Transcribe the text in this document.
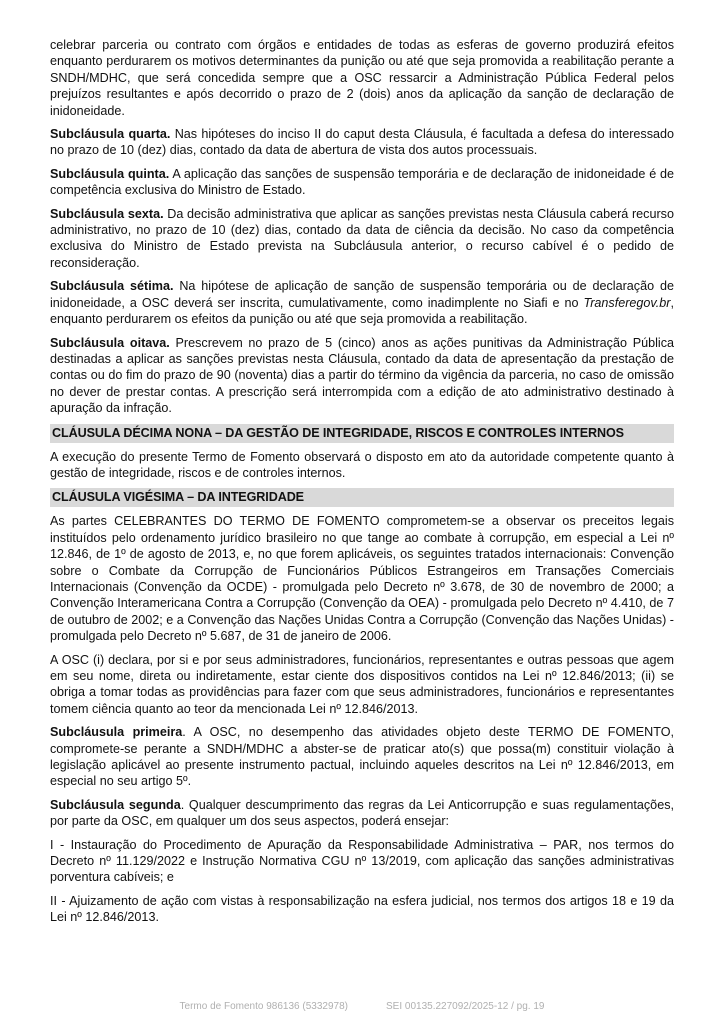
celebrar parceria ou contrato com órgãos e entidades de todas as esferas de governo produzirá efeitos enquanto perdurarem os motivos determinantes da punição ou até que seja promovida a reabilitação perante a SNDH/MDHC, que será concedida sempre que a OSC ressarcir a Administração Pública Federal pelos prejuízos resultantes e após decorrido o prazo de 2 (dois) anos da aplicação da sanção de declaração de inidoneidade.

Subcláusula quarta. Nas hipóteses do inciso II do caput desta Cláusula, é facultada a defesa do interessado no prazo de 10 (dez) dias, contado da data de abertura de vista dos autos processuais.

Subcláusula quinta. A aplicação das sanções de suspensão temporária e de declaração de inidoneidade é de competência exclusiva do Ministro de Estado.

Subcláusula sexta. Da decisão administrativa que aplicar as sanções previstas nesta Cláusula caberá recurso administrativo, no prazo de 10 (dez) dias, contado da data de ciência da decisão. No caso da competência exclusiva do Ministro de Estado prevista na Subcláusula anterior, o recurso cabível é o pedido de reconsideração.

Subcláusula sétima. Na hipótese de aplicação de sanção de suspensão temporária ou de declaração de inidoneidade, a OSC deverá ser inscrita, cumulativamente, como inadimplente no Siafi e no Transferegov.br, enquanto perdurarem os efeitos da punição ou até que seja promovida a reabilitação.

Subcláusula oitava. Prescrevem no prazo de 5 (cinco) anos as ações punitivas da Administração Pública destinadas a aplicar as sanções previstas nesta Cláusula, contado da data de apresentação da prestação de contas ou do fim do prazo de 90 (noventa) dias a partir do término da vigência da parceria, no caso de omissão no dever de prestar contas. A prescrição será interrompida com a edição de ato administrativo destinado à apuração da infração.

CLÁUSULA DÉCIMA NONA – DA GESTÃO DE INTEGRIDADE, RISCOS E CONTROLES INTERNOS

A execução do presente Termo de Fomento observará o disposto em ato da autoridade competente quanto à gestão de integridade, riscos e de controles internos.

CLÁUSULA VIGÉSIMA – DA INTEGRIDADE

As partes CELEBRANTES DO TERMO DE FOMENTO comprometem-se a observar os preceitos legais instituídos pelo ordenamento jurídico brasileiro no que tange ao combate à corrupção, em especial a Lei nº 12.846, de 1º de agosto de 2013, e, no que forem aplicáveis, os seguintes tratados internacionais: Convenção sobre o Combate da Corrupção de Funcionários Públicos Estrangeiros em Transações Comerciais Internacionais (Convenção da OCDE) - promulgada pelo Decreto nº 3.678, de 30 de novembro de 2000; a Convenção Interamericana Contra a Corrupção (Convenção da OEA) - promulgada pelo Decreto nº 4.410, de 7 de outubro de 2002; e a Convenção das Nações Unidas Contra a Corrupção (Convenção das Nações Unidas) - promulgada pelo Decreto nº 5.687, de 31 de janeiro de 2006.

A OSC (i) declara, por si e por seus administradores, funcionários, representantes e outras pessoas que agem em seu nome, direta ou indiretamente, estar ciente dos dispositivos contidos na Lei nº 12.846/2013; (ii) se obriga a tomar todas as providências para fazer com que seus administradores, funcionários e representantes tomem ciência quanto ao teor da mencionada Lei nº 12.846/2013.

Subcláusula primeira. A OSC, no desempenho das atividades objeto deste TERMO DE FOMENTO, compromete-se perante a SNDH/MDHC a abster-se de praticar ato(s) que possa(m) constituir violação à legislação aplicável ao presente instrumento pactual, incluindo aqueles descritos na Lei nº 12.846/2013, em especial no seu artigo 5º.

Subcláusula segunda. Qualquer descumprimento das regras da Lei Anticorrupção e suas regulamentações, por parte da OSC, em qualquer um dos seus aspectos, poderá ensejar:

I - Instauração do Procedimento de Apuração da Responsabilidade Administrativa – PAR, nos termos do Decreto nº 11.129/2022 e Instrução Normativa CGU nº 13/2019, com aplicação das sanções administrativas porventura cabíveis; e

II - Ajuizamento de ação com vistas à responsabilização na esfera judicial, nos termos dos artigos 18 e 19 da Lei nº 12.846/2013.

Termo de Fomento 986136 (5332978)	SEI 00135.227092/2025-12 / pg. 19
